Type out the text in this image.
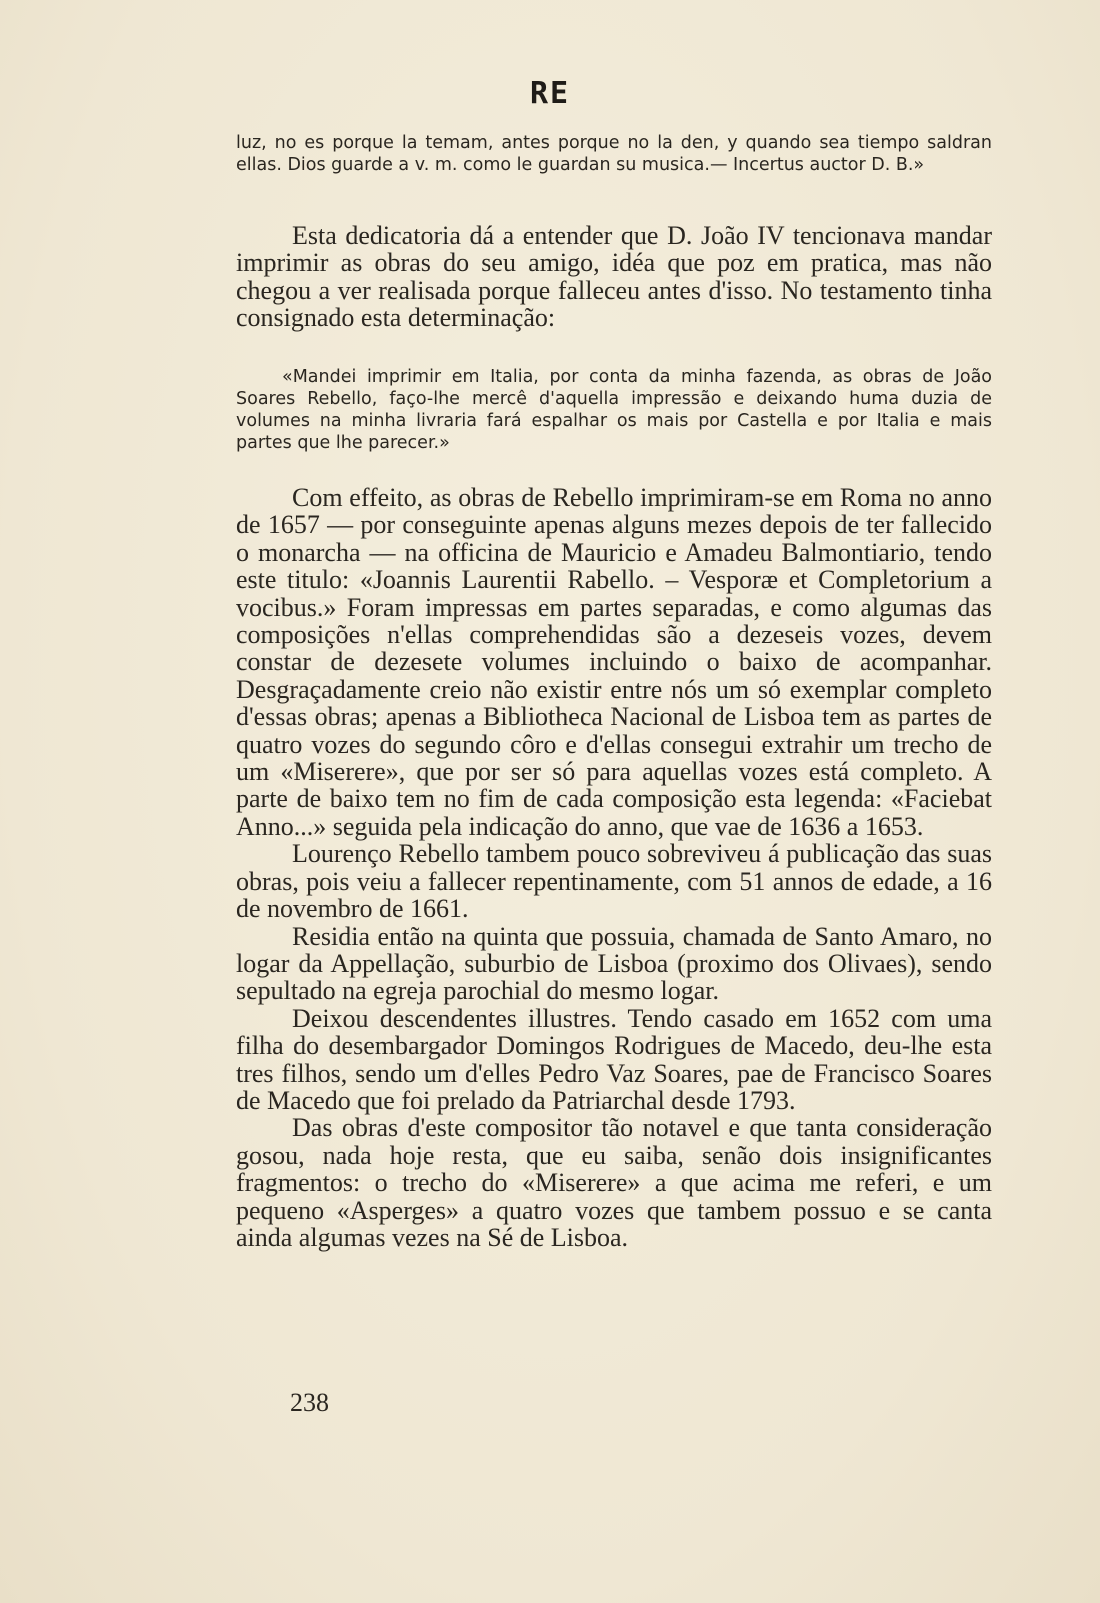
RE

luz, no es porque la temam, antes porque no la den, y quando sea tiempo saldran ellas. Dios guarde a v. m. como le guardan su musica.— Incertus auctor D. B.»

Esta dedicatoria dá a entender que D. João IV tencionava mandar imprimir as obras do seu amigo, idéa que poz em pratica, mas não chegou a ver realisada porque falleceu antes d'isso. No testamento tinha consignado esta determinação:

«Mandei imprimir em Italia, por conta da minha fazenda, as obras de João Soares Rebello, faço-lhe mercê d'aquella impressão e deixando huma duzia de volumes na minha livraria fará espalhar os mais por Castella e por Italia e mais partes que lhe parecer.»

Com effeito, as obras de Rebello imprimiram-se em Roma no anno de 1657 — por conseguinte apenas alguns mezes depois de ter fallecido o monarcha — na officina de Mauricio e Amadeu Balmontiario, tendo este titulo: «Joannis Laurentii Rabello. – Vesporæ et Completorium a vocibus.» Foram impressas em partes separadas, e como algumas das composições n'ellas comprehendidas são a dezeseis vozes, devem constar de dezesete volumes incluindo o baixo de acompanhar. Desgraçadamente creio não existir entre nós um só exemplar completo d'essas obras; apenas a Bibliotheca Nacional de Lisboa tem as partes de quatro vozes do segundo côro e d'ellas consegui extrahir um trecho de um «Miserere», que por ser só para aquellas vozes está completo. A parte de baixo tem no fim de cada composição esta legenda: «Faciebat Anno...» seguida pela indicação do anno, que vae de 1636 a 1653.

Lourenço Rebello tambem pouco sobreviveu á publicação das suas obras, pois veiu a fallecer repentinamente, com 51 annos de edade, a 16 de novembro de 1661.

Residia então na quinta que possuia, chamada de Santo Amaro, no logar da Appellação, suburbio de Lisboa (proximo dos Olivaes), sendo sepultado na egreja parochial do mesmo logar.

Deixou descendentes illustres. Tendo casado em 1652 com uma filha do desembargador Domingos Rodrigues de Macedo, deu-lhe esta tres filhos, sendo um d'elles Pedro Vaz Soares, pae de Francisco Soares de Macedo que foi prelado da Patriarchal desde 1793.

Das obras d'este compositor tão notavel e que tanta consideração gosou, nada hoje resta, que eu saiba, senão dois insignificantes fragmentos: o trecho do «Miserere» a que acima me referi, e um pequeno «Asperges» a quatro vozes que tambem possuo e se canta ainda algumas vezes na Sé de Lisboa.

238
